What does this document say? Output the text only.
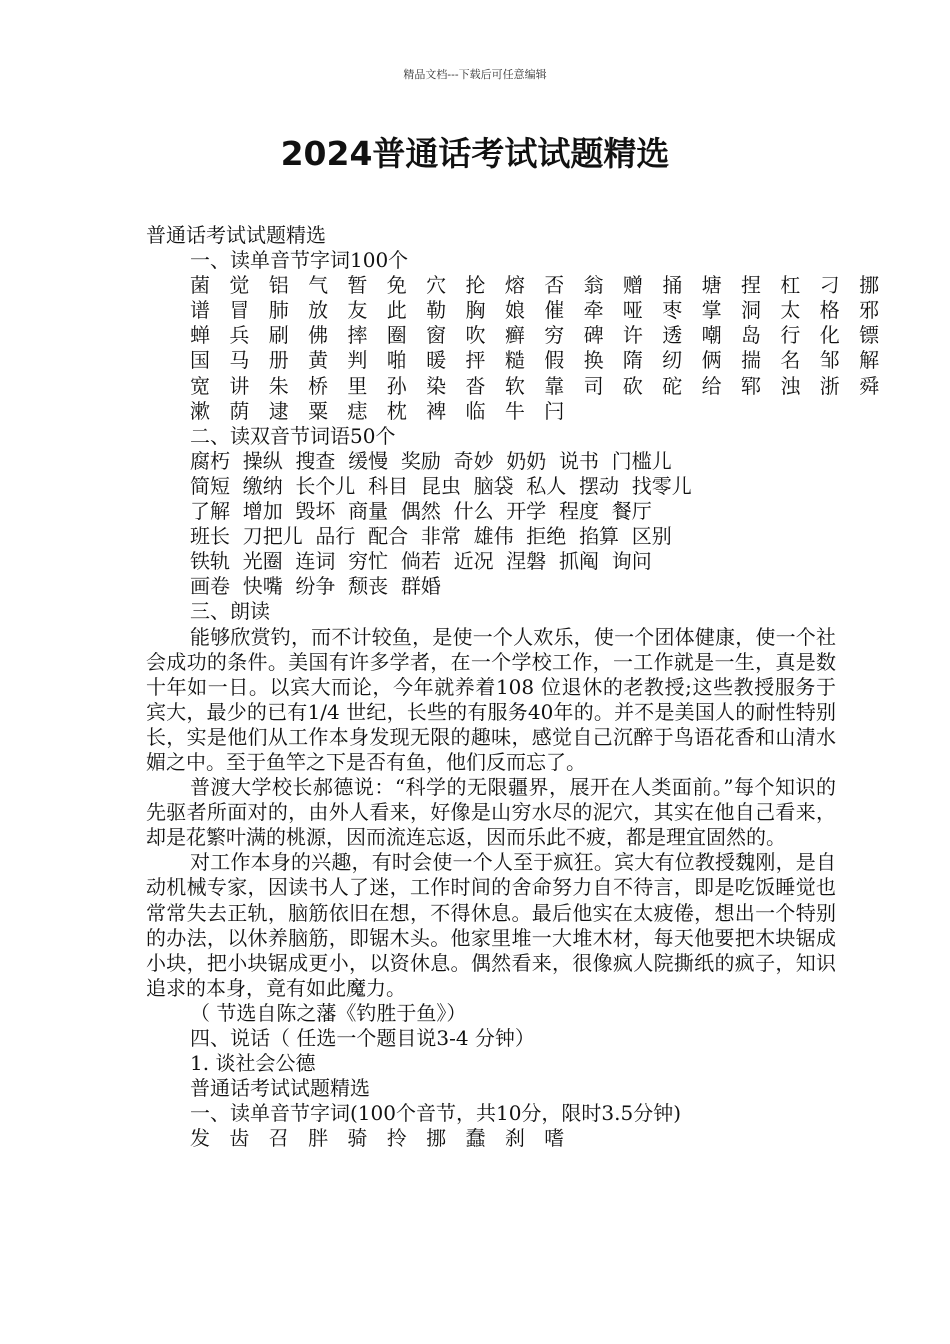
精品文档---下载后可任意编辑
2024普通话考试试题精选
普通话考试试题精选
一、读单音节字词100个
菌 觉 铝 气 暂 免 穴 抡 熔 否 翁 赠 捅 塘 捏 杠 刁 挪
谱 冒 肺 放 友 此 勒 胸 娘 催 牵 哑 枣 掌 洞 太 格 邪
蝉 兵 刷 佛 摔 圈 窗 吹 癣 穷 碑 许 透 嘲 岛 行 化 镖
国 马 册 黄 判 啪 暖 抨 糙 假 换 隋 纫 俩 揣 名 邹 解
宽 讲 朱 桥 里 孙 染 沓 软 靠 司 砍 砣 给 郓 浊 浙 舜
漱 荫 逮 粟 痣 枕 裨 临 牛 闩
二、读双音节词语50个
腐朽  操纵  搜查  缓慢  奖励  奇妙  奶奶  说书  门槛儿
简短  缴纳  长个儿  科目  昆虫  脑袋  私人  摆动  找零儿
了解  增加  毁坏  商量  偶然  什么  开学  程度  餐厅
班长  刀把儿  品行  配合  非常  雄伟  拒绝  掐算  区别
铁轨  光圈  连词  穷忙  倘若  近况  涅磐  抓阄  询问
画卷  快嘴  纷争  颓丧  群婚
三、朗读

能够欣赏钓，而不计较鱼，是使一个人欢乐，使一个团体健康，使一个社会成功的条件。美国有许多学者，在一个学校工作，一工作就是一生，真是数十年如一日。以宾大而论，今年就养着108 位退休的老教授;这些教授服务于宾大，最少的已有1/4 世纪，长些的有服务40年的。并不是美国人的耐性特别长，实是他们从工作本身发现无限的趣味，感觉自己沉醉于鸟语花香和山清水媚之中。至于鱼竿之下是否有鱼，他们反而忘了。

普渡大学校长郝德说：“科学的无限疆界，展开在人类面前。”每个知识的先驱者所面对的，由外人看来，好像是山穷水尽的泥穴，其实在他自己看来，却是花繁叶满的桃源，因而流连忘返，因而乐此不疲，都是理宜固然的。

对工作本身的兴趣，有时会使一个人至于疯狂。宾大有位教授魏刚，是自动机械专家，因读书人了迷，工作时间的舍命努力自不待言，即是吃饭睡觉也常常失去正轨，脑筋依旧在想，不得休息。最后他实在太疲倦，想出一个特别的办法，以休养脑筋，即锯木头。他家里堆一大堆木材，每天他要把木块锯成小块，把小块锯成更小，以资休息。偶然看来，很像疯人院撕纸的疯子，知识追求的本身，竟有如此魔力。

（ 节选自陈之藩《钓胜于鱼》）
四、说话（ 任选一个题目说3-4 分钟）
1. 谈社会公德
普通话考试试题精选
一、读单音节字词(100个音节，共10分，限时3.5分钟)
发 齿 召 胖 骑 拎 挪 蠢 刹 嗜
